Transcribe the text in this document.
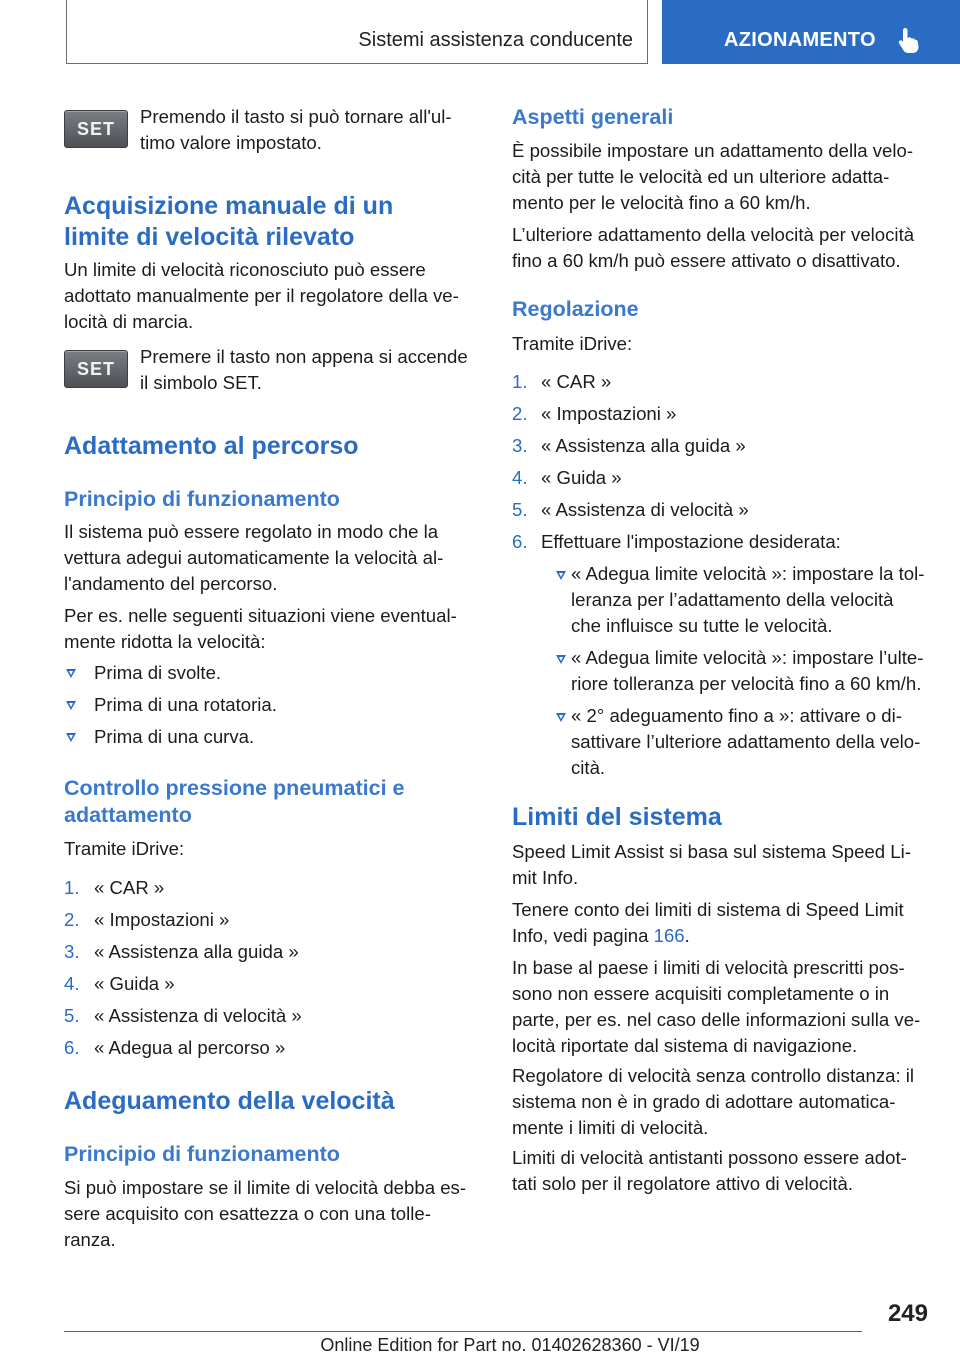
Sistemi assistenza conducente	AZIONAMENTO
SET
Premendo il tasto si può tornare all'ul-
timo valore impostato.
Acquisizione manuale di un
limite di velocità rilevato
Un limite di velocità riconosciuto può essere
adottato manualmente per il regolatore della ve-
locità di marcia.
SET
Premere il tasto non appena si accende
il simbolo SET.
Adattamento al percorso
Principio di funzionamento
Il sistema può essere regolato in modo che la
vettura adegui automaticamente la velocità al-
l'andamento del percorso.
Per es. nelle seguenti situazioni viene eventual-
mente ridotta la velocità:
Prima di svolte.
Prima di una rotatoria.
Prima di una curva.
Controllo pressione pneumatici e
adattamento
Tramite iDrive:
1. « CAR »
2. « Impostazioni »
3. « Assistenza alla guida »
4. « Guida »
5. « Assistenza di velocità »
6. « Adegua al percorso »
Adeguamento della velocità
Principio di funzionamento
Si può impostare se il limite di velocità debba es-
sere acquisito con esattezza o con una tolle-
ranza.
Aspetti generali
È possibile impostare un adattamento della velo-
cità per tutte le velocità ed un ulteriore adatta-
mento per le velocità fino a 60 km/h.
L’ulteriore adattamento della velocità per velocità
fino a 60 km/h può essere attivato o disattivato.
Regolazione
Tramite iDrive:
1. « CAR »
2. « Impostazioni »
3. « Assistenza alla guida »
4. « Guida »
5. « Assistenza di velocità »
6. Effettuare l'impostazione desiderata:
« Adegua limite velocità »: impostare la tol-
leranza per l’adattamento della velocità
che influisce su tutte le velocità.
« Adegua limite velocità »: impostare l’ulte-
riore tolleranza per velocità fino a 60 km/h.
« 2° adeguamento fino a »: attivare o di-
sattivare l’ulteriore adattamento della velo-
cità.
Limiti del sistema
Speed Limit Assist si basa sul sistema Speed Li-
mit Info.
Tenere conto dei limiti di sistema di Speed Limit
Info, vedi pagina 166.
In base al paese i limiti di velocità prescritti pos-
sono non essere acquisiti completamente o in
parte, per es. nel caso delle informazioni sulla ve-
locità riportate dal sistema di navigazione.
Regolatore di velocità senza controllo distanza: il
sistema non è in grado di adottare automatica-
mente i limiti di velocità.
Limiti di velocità antistanti possono essere adot-
tati solo per il regolatore attivo di velocità.
249
Online Edition for Part no. 01402628360 - VI/19
